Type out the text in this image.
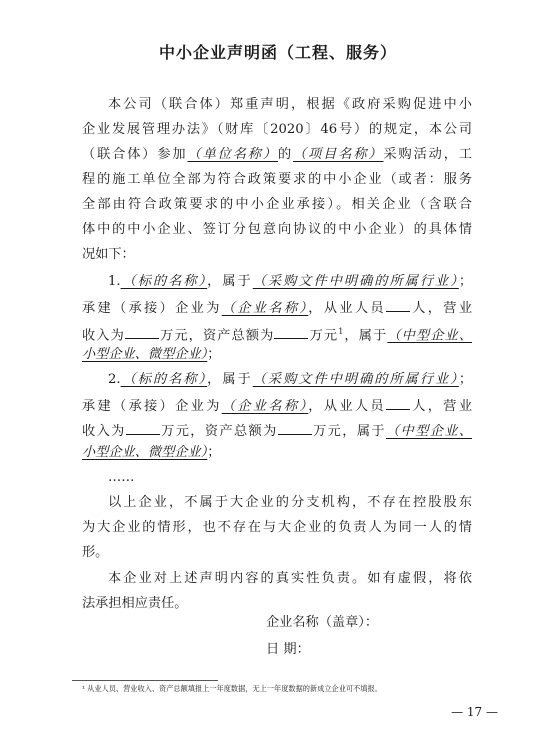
中小企业声明函（工程、服务）
本公司（联合体）郑重声明，根据《政府采购促进中小
企业发展管理办法》（财库〔2020〕46号）的规定，本公司
（联合体）参加（单位名称）的（项目名称）采购活动，工
程的施工单位全部为符合政策要求的中小企业（或者：服务
全部由符合政策要求的中小企业承接）。相关企业（含联合
体中的中小企业、签订分包意向协议的中小企业）的具体情
况如下：
1.（标的名称），属于（采购文件中明确的所属行业）；
承建（承接）企业为（企业名称），从业人员 人，营业
收入为	万元，资产总额为	万元$^1$，属于（中型企业、
小型企业、微型企业）；
2.（标的名称），属于（采购文件中明确的所属行业）；
承建（承接）企业为（企业名称），从业人员 人，营业
收入为	万元，资产总额为	万元，属于（中型企业、
小型企业、微型企业）；
……
以上企业，不属于大企业的分支机构，不存在控股股东
为大企业的情形，也不存在与大企业的负责人为同一人的情
形。
本企业对上述声明内容的真实性负责。如有虚假，将依
法承担相应责任。
企业名称（盖章）：
日 期：
¹ 从业人员、营业收入、资产总额填报上一年度数据，无上一年度数据的新成立企业可不填报。
— 17 —
